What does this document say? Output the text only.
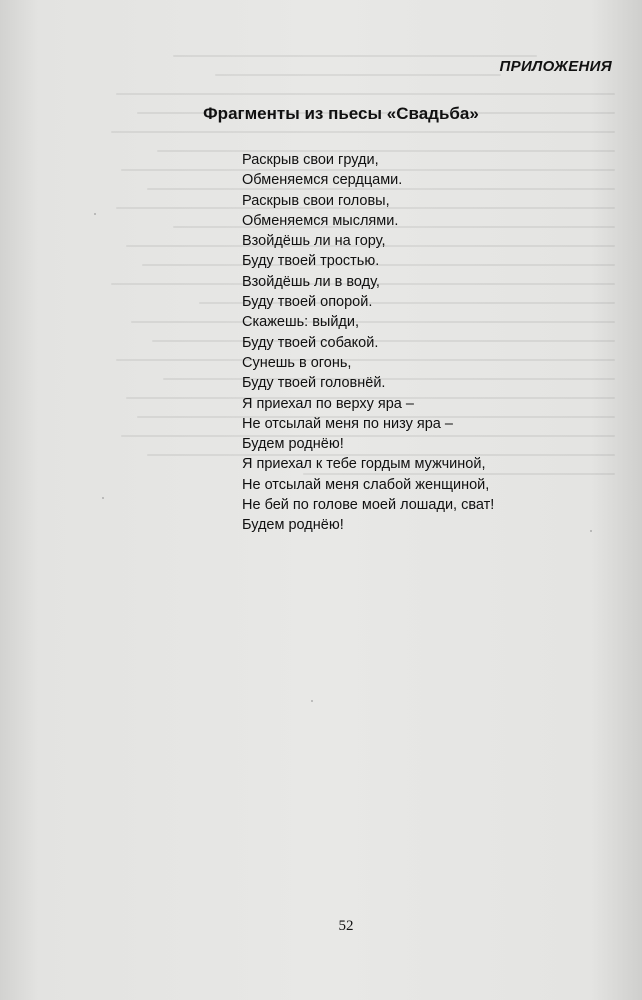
ПРИЛОЖЕНИЯ
Фрагменты из пьесы «Свадьба»
Раскрыв свои груди,
Обменяемся сердцами.
Раскрыв свои головы,
Обменяемся мыслями.
Взойдёшь ли на гору,
Буду твоей тростью.
Взойдёшь ли в воду,
Буду твоей опорой.
Скажешь: выйди,
Буду твоей собакой.
Сунешь в огонь,
Буду твоей головнёй.
Я приехал по верху яра –
Не отсылай меня по низу яра –
Будем роднёю!
Я приехал к тебе гордым мужчиной,
Не отсылай меня слабой женщиной,
Не бей по голове моей лошади, сват!
Будем роднёю!
52
